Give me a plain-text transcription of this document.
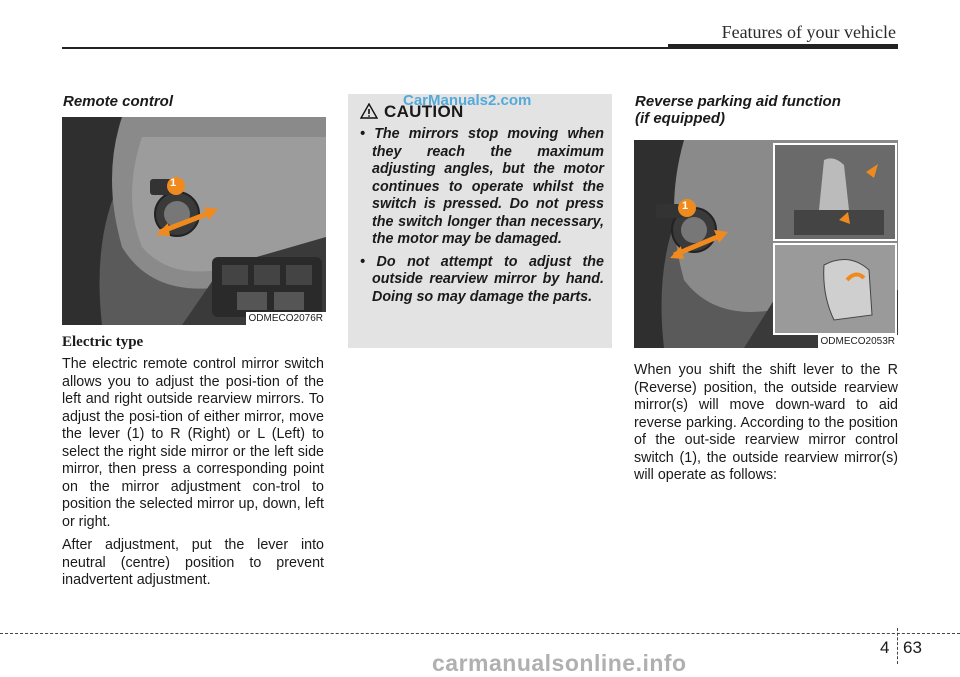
Features of your vehicle
Remote control
1
ODMECO2076R
Electric type

The electric remote control mirror switch allows you to adjust the posi-tion of the left and right outside rearview mirrors. To adjust the posi-tion of either mirror, move the lever (1) to R (Right) or L (Left) to select the right side mirror or the left side mirror, then press a corresponding point on the mirror adjustment con-trol to position the selected mirror up, down, left or right.

After adjustment, put the lever into neutral (centre) position to prevent inadvertent adjustment.

CAUTION
• The mirrors stop moving when they reach the maximum adjusting angles, but the motor continues to operate whilst the switch is pressed. Do not press the switch longer than necessary, the motor may be damaged.
• Do not attempt to adjust the outside rearview mirror by hand. Doing so may damage the parts.
CarManuals2.com	Reverse parking aid function
(if equipped)
1
ODMECO2053R
When you shift the shift lever to the R (Reverse) position, the outside rearview mirror(s) will move down-ward to aid reverse parking. According to the position of the out-side rearview mirror control switch (1), the outside rearview mirror(s) will operate as follows:
4 63
carmanualsonline.info
